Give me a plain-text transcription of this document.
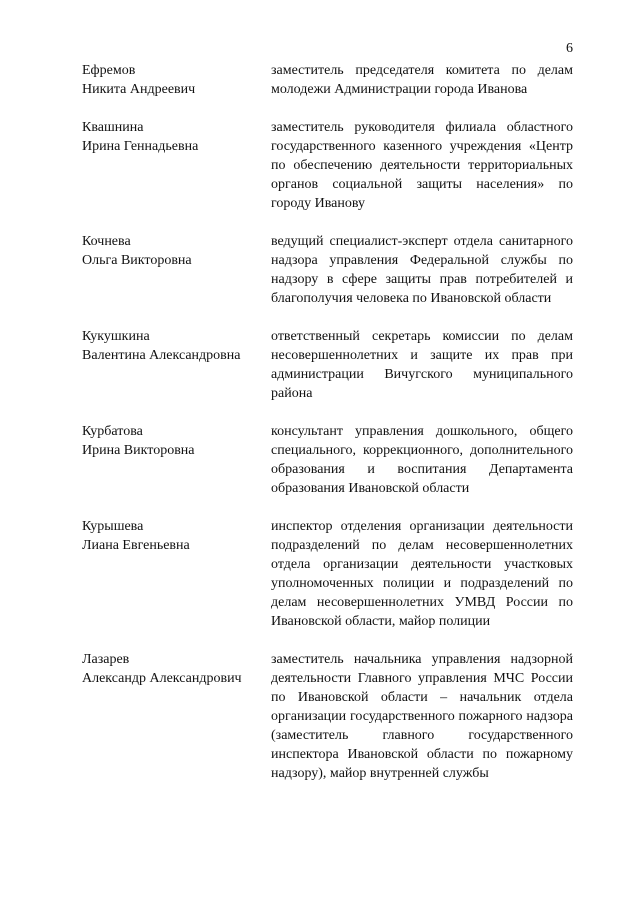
6
Ефремов
Никита Андреевич
заместитель председателя комитета по делам молодежи Администрации города Иванова
Квашнина
Ирина Геннадьевна
заместитель руководителя филиала областного государственного казенного учреждения «Центр по обеспечению деятельности территориальных органов социальной защиты населения» по городу Иванову
Кочнева
Ольга Викторовна
ведущий специалист-эксперт отдела санитарного надзора управления Федеральной службы по надзору в сфере защиты прав потребителей и благополучия человека по Ивановской области
Кукушкина
Валентина Александровна
ответственный секретарь комиссии по делам несовершеннолетних и защите их прав при администрации Вичугского муниципального района
Курбатова
Ирина Викторовна
консультант управления дошкольного, общего специального, коррекционного, дополнительного образования и воспитания Департамента образования Ивановской области
Курышева
Лиана Евгеньевна
инспектор отделения организации деятельности подразделений по делам несовершеннолетних отдела организации деятельности участковых уполномоченных полиции и подразделений по делам несовершеннолетних УМВД России по Ивановской области, майор полиции
Лазарев
Александр Александрович
заместитель начальника управления надзорной деятельности Главного управления МЧС России по Ивановской области – начальник отдела организации государственного пожарного надзора (заместитель главного государственного инспектора Ивановской области по пожарному надзору), майор внутренней службы
